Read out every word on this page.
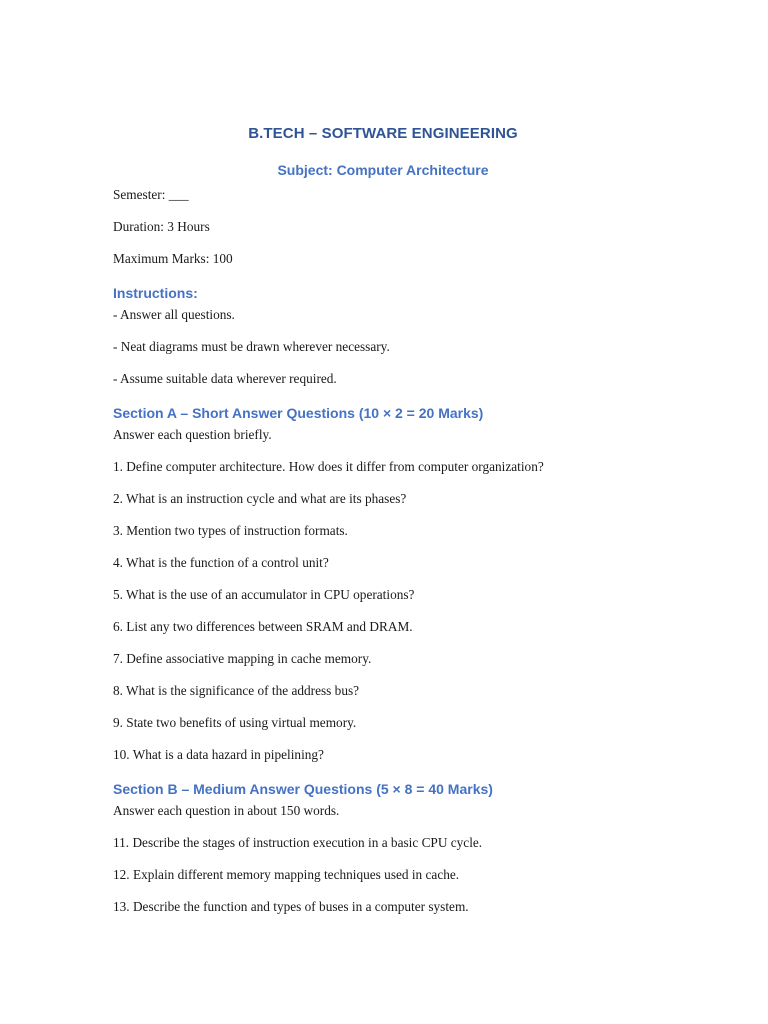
B.TECH – SOFTWARE ENGINEERING
Subject: Computer Architecture
Semester: ___
Duration: 3 Hours
Maximum Marks: 100
Instructions:
- Answer all questions.
- Neat diagrams must be drawn wherever necessary.
- Assume suitable data wherever required.
Section A – Short Answer Questions (10 × 2 = 20 Marks)
Answer each question briefly.
1. Define computer architecture. How does it differ from computer organization?
2. What is an instruction cycle and what are its phases?
3. Mention two types of instruction formats.
4. What is the function of a control unit?
5. What is the use of an accumulator in CPU operations?
6. List any two differences between SRAM and DRAM.
7. Define associative mapping in cache memory.
8. What is the significance of the address bus?
9. State two benefits of using virtual memory.
10. What is a data hazard in pipelining?
Section B – Medium Answer Questions (5 × 8 = 40 Marks)
Answer each question in about 150 words.
11. Describe the stages of instruction execution in a basic CPU cycle.
12. Explain different memory mapping techniques used in cache.
13. Describe the function and types of buses in a computer system.
